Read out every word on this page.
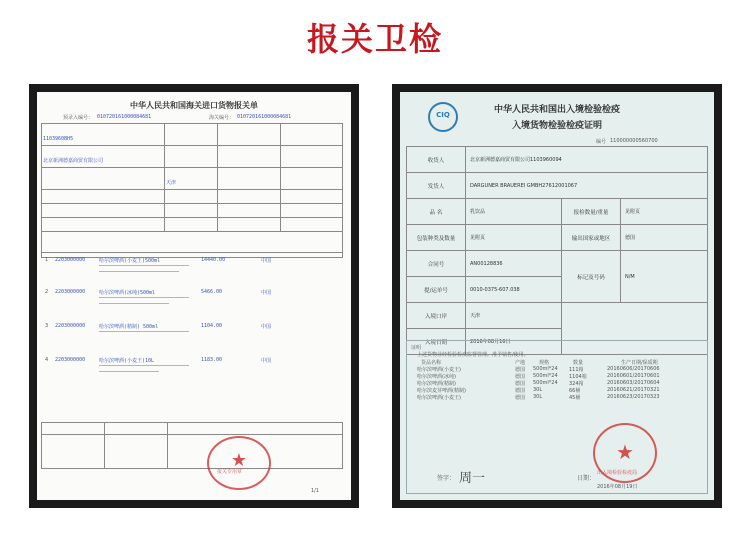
报关卫检
中华人民共和国海关进口货物报关单
预录入编号： 010720161000084681	海关编号： 010720161000084681
1103960BH5			
北京新洲德嘉商贸有限公司			
	天津		

1 2203000000	哈尔滨啤酒(小麦王)500ml	14440.00	中国
2 2203000000	哈尔滨啤酒(冰纯)500ml	5466.00	中国
3 2203000000	哈尔滨啤酒(精制) 500ml	1104.00	中国
4 2203000000	哈尔滨啤酒(小麦王)10L	1183.00	中国

★
报关专用章
1/1
CIQ	中华人民共和国出入境检验检疫
入境货物检验检疫证明
编号 110000000560700
收货人	北京新洲德嘉商贸有限公司1103960094		
发货人	DARGUNER BRAUEREI GMBH27612001067		
品 名	乳饮品	报检数量/重量	见附页
包装种类及数量	见附页	输出国家或地区	德国
合同号	AN00128836	标记及号码	N/M
提/运单号	0010-0375-607.038		
入境口岸	天津		
入境日期	2016年08月16日		
证明
上述货物业经检验检疫监督管理。准予销售/使用。
货品名称	产地	规格	数量	生产日期/保质期
哈尔滨啤酒(小麦王)	德国 500ml*24 111箱	20160606/20170606
哈尔滨啤酒(冰纯)	德国 500ml*24 1104箱	20160601/20170601
哈尔滨啤酒(精制)	德国 500ml*24 324箱	20160603/20170604
哈尔滨麦芽啤酒(精制)	德国 30L	66桶	20160621/20170321
哈尔滨啤酒(小麦王)	德国 30L	45桶	20160623/20170323
★
出入境检验检疫局
签字： 周一	日期：
2016年08月19日
